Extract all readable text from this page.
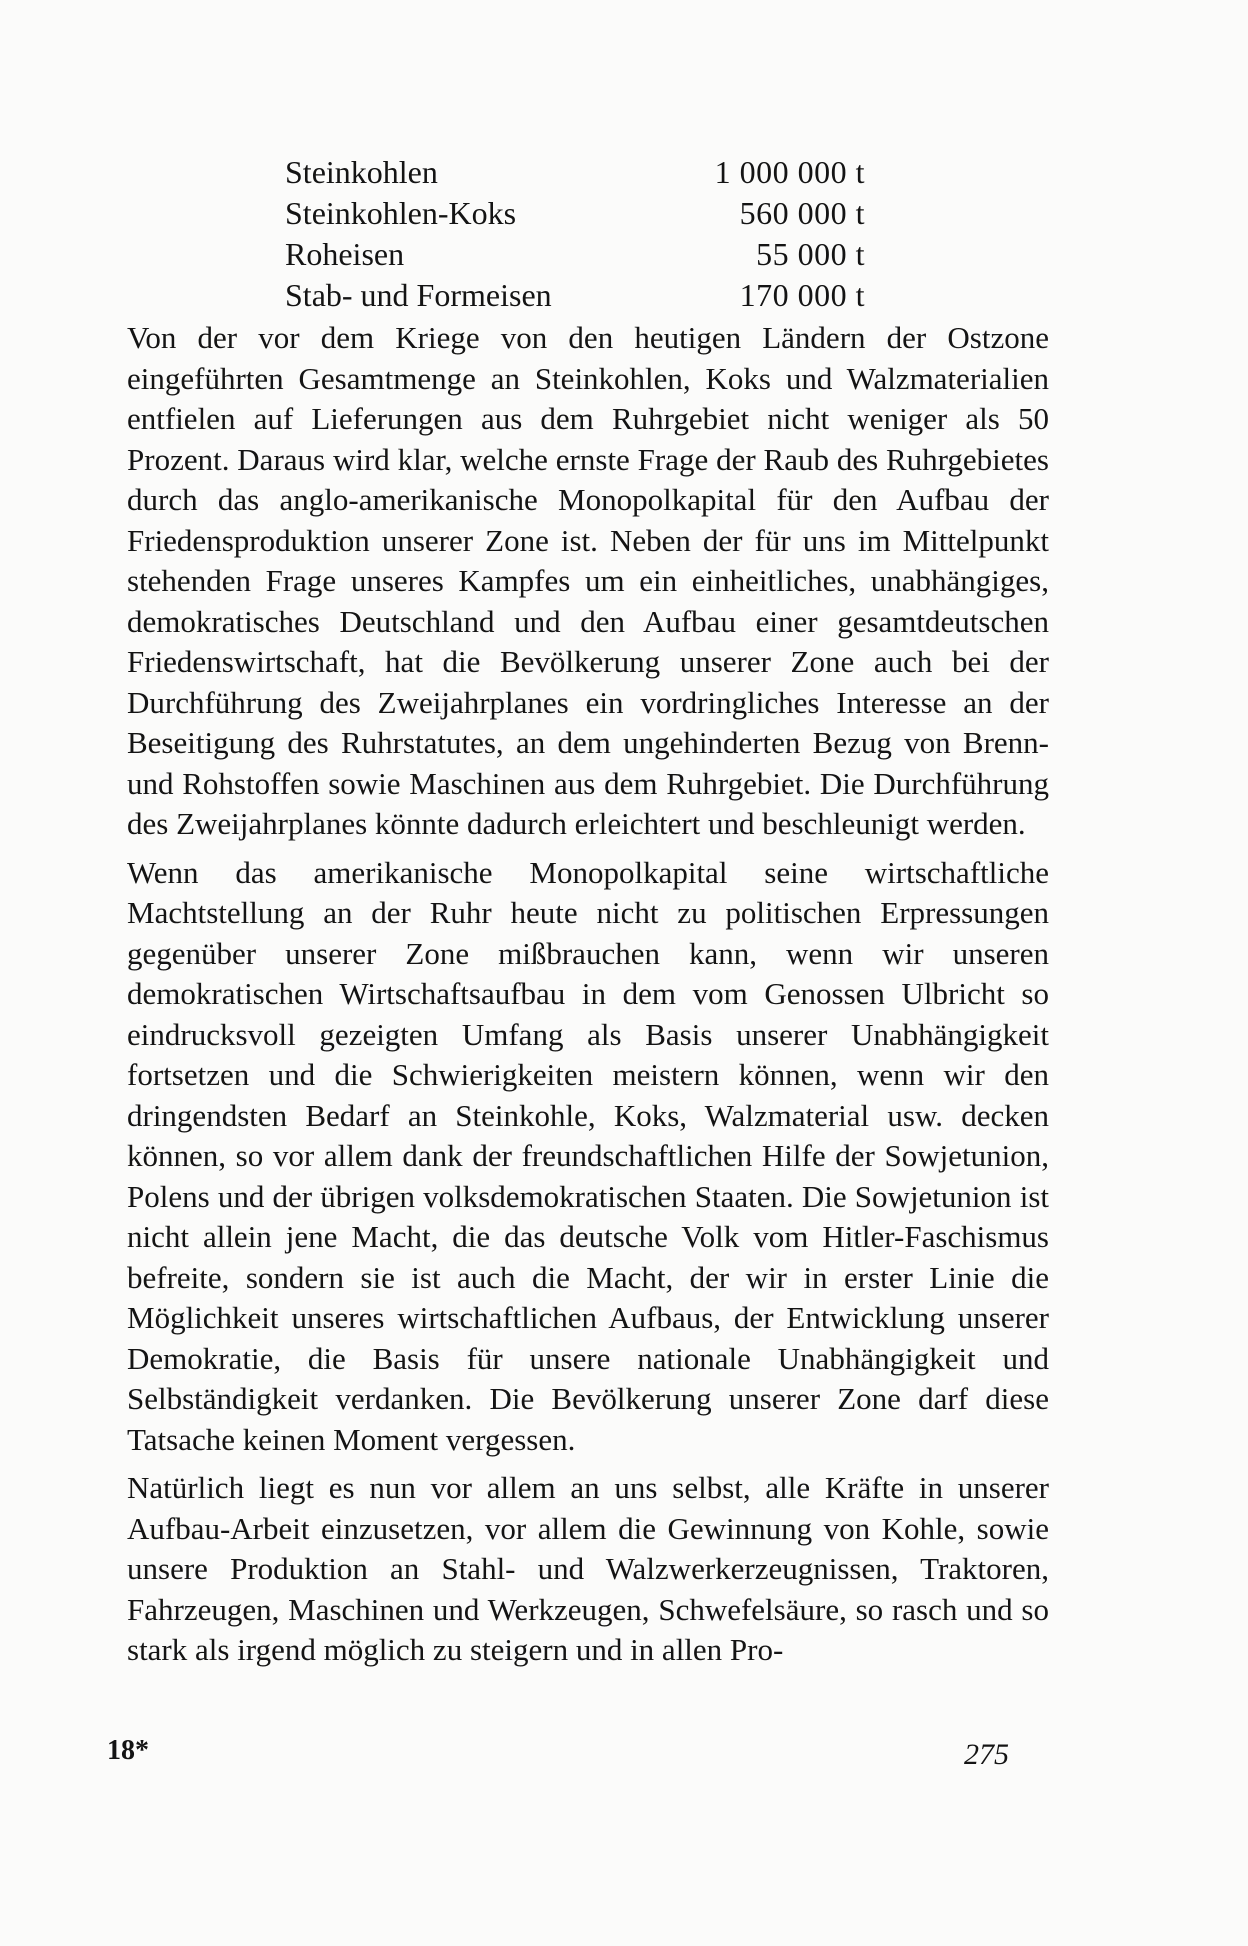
Steinkohlen	1 000 000 t
Steinkohlen-Koks	560 000 t
Roheisen	55 000 t
Stab- und Formeisen	170 000 t

Von der vor dem Kriege von den heutigen Ländern der Ostzone eingeführten Gesamtmenge an Steinkohlen, Koks und Walzmaterialien entfielen auf Lieferungen aus dem Ruhrgebiet nicht weniger als 50 Prozent. Daraus wird klar, welche ernste Frage der Raub des Ruhrgebietes durch das anglo-amerikanische Monopolkapital für den Aufbau der Friedensproduktion unserer Zone ist. Neben der für uns im Mittelpunkt stehenden Frage unseres Kampfes um ein einheitliches, unabhängiges, demokratisches Deutschland und den Aufbau einer gesamtdeutschen Friedenswirtschaft, hat die Bevölkerung unserer Zone auch bei der Durchführung des Zweijahrplanes ein vordringliches Interesse an der Beseitigung des Ruhrstatutes, an dem ungehinderten Bezug von Brenn- und Rohstoffen sowie Maschinen aus dem Ruhrgebiet. Die Durchführung des Zweijahrplanes könnte dadurch erleichtert und beschleunigt werden.

Wenn das amerikanische Monopolkapital seine wirtschaftliche Machtstellung an der Ruhr heute nicht zu politischen Erpressungen gegenüber unserer Zone mißbrauchen kann, wenn wir unseren demokratischen Wirtschaftsaufbau in dem vom Genossen Ulbricht so eindrucksvoll gezeigten Umfang als Basis unserer Unabhängigkeit fortsetzen und die Schwierigkeiten meistern können, wenn wir den dringendsten Bedarf an Steinkohle, Koks, Walzmaterial usw. decken können, so vor allem dank der freundschaftlichen Hilfe der Sowjetunion, Polens und der übrigen volksdemokratischen Staaten. Die Sowjetunion ist nicht allein jene Macht, die das deutsche Volk vom Hitler-Faschismus befreite, sondern sie ist auch die Macht, der wir in erster Linie die Möglichkeit unseres wirtschaftlichen Aufbaus, der Entwicklung unserer Demokratie, die Basis für unsere nationale Unabhängigkeit und Selbständigkeit verdanken. Die Bevölkerung unserer Zone darf diese Tatsache keinen Moment vergessen.

Natürlich liegt es nun vor allem an uns selbst, alle Kräfte in unserer Aufbau-Arbeit einzusetzen, vor allem die Gewinnung von Kohle, sowie unsere Produktion an Stahl- und Walzwerkerzeugnissen, Traktoren, Fahrzeugen, Maschinen und Werkzeugen, Schwefelsäure, so rasch und so stark als irgend möglich zu steigern und in allen Pro-

18*	275
